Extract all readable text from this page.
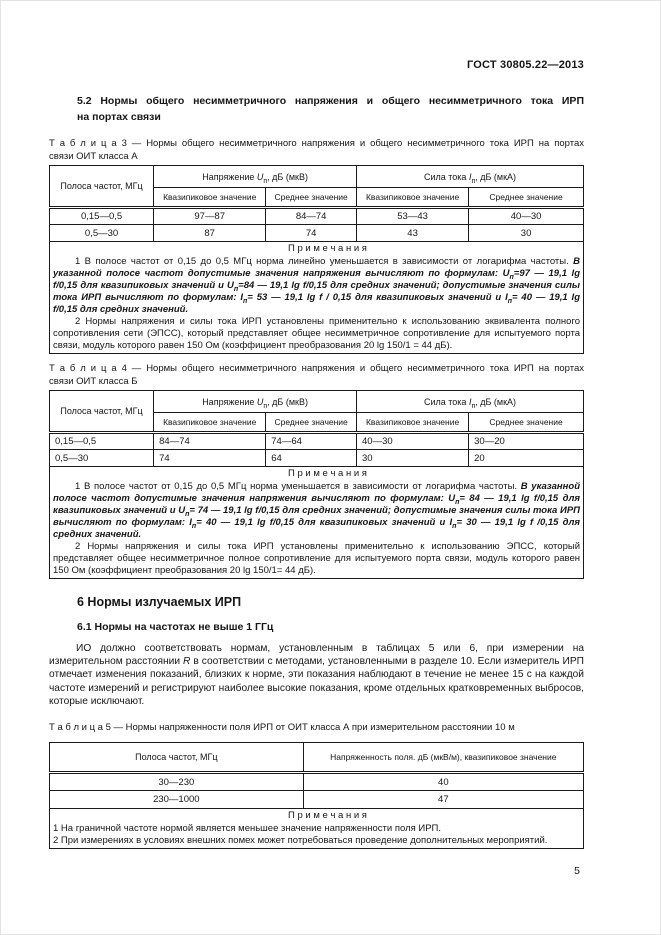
ГОСТ 30805.22—2013
5.2 Нормы общего несимметричного напряжения и общего несимметричного тока ИРП
на портах связи
Т а б л и ц а 3 — Нормы общего несимметричного напряжения и общего несимметричного тока ИРП на портах
связи ОИТ класса А
Полоса частот, МГц	Напряжение $U_п$, дБ (мкВ)		Сила тока $I_п$, дБ (мкА)	
	Квазипиковое значение	Среднее значение	Квазипиковое значение	Среднее значение
0,15—0,5	97—87	84—74	53—43	40—30
0,5—30	87	74	43	30

П р и м е ч а н и я

1 В полосе частот от 0,15 до 0,5 МГц норма линейно уменьшается в зависимости от логарифма частоты. В указанной полосе частот допустимые значения напряжения вычисляют по формулам: $U_п=97$ — 19,1 lg f/0,15 для квазипиковых значений и $U_п=84$ — 19,1 lg f/0,15 для средних значений; допустимые значения силы тока ИРП вычисляют по формулам: $I_п= 53$ — 19,1 lg f / 0,15 для квазипиковых значений и $I_п= 40$ — 19,1 lg f/0,15 для средних значений.

2 Нормы напряжения и силы тока ИРП установлены применительно к использованию эквивалента полного сопротивления сети (ЭПСС), который представляет общее несимметричное сопротивление для испытуемого порта связи, модуль которого равен 150 Ом (коэффициент преобразования 20 lg 150/1 = 44 дБ).				

Т а б л и ц а 4 — Нормы общего несимметричного напряжения и общего несимметричного тока ИРП на портах
связи ОИТ класса Б
Полоса частот, МГц	Напряжение $U_п$, дБ (мкВ)		Сила тока $I_п$, дБ (мкА)	
	Квазипиковое значение	Среднее значение	Квазипиковое значение	Среднее значение
0,15—0,5	84—74	74—64	40—30	30—20
0,5—30	74	64	30	20

П р и м е ч а н и я

1 В полосе частот от 0,15 до 0,5 МГц норма уменьшается в зависимости от логарифма частоты. В указанной полосе частот допустимые значения напряжения вычисляют по формулам: $U_п= 84$ — 19,1 lg f/0,15 для квазипиковых значений и $U_п= 74$ — 19,1 lg f/0,15 для средних значений; допустимые значения силы тока ИРП вычисляют по формулам: $I_п= 40$ — 19,1 lg f/0,15 для квазипиковых значений и $I_п= 30$ — 19,1 lg f /0,15 для средних значений.

2 Нормы напряжения и силы тока ИРП установлены применительно к использованию ЭПСС, который представляет общее несимметричное полное сопротивление для испытуемого порта связи, модуль которого равен 150 Ом (коэффициент преобразования 20 lg 150/1= 44 дБ).				

6 Нормы излучаемых ИРП
6.1 Нормы на частотах не выше 1 ГГц

ИО должно соответствовать нормам, установленным в таблицах 5 или 6, при измерении на измерительном расстоянии R в соответствии с методами, установленными в разделе 10. Если измеритель ИРП отмечает изменения показаний, близких к норме, эти показания наблюдают в течение не менее 15 с на каждой частоте измерений и регистрируют наиболее высокие показания, кроме отдельных кратковременных выбросов, которые исключают.

Т а б л и ц а 5 — Нормы напряженности поля ИРП от ОИТ класса А при измерительном расстоянии 10 м
Полоса частот, МГц	Напряженность поля. дБ (мкВ/м), квазипиковое значение
30—230	40
230—1000	47

П р и м е ч а н и я

1 На граничной частоте нормой является меньшее значение напряженности поля ИРП.

2 При измерениях в условиях внешних помех может потребоваться проведение дополнительных мероприятий.	

5
